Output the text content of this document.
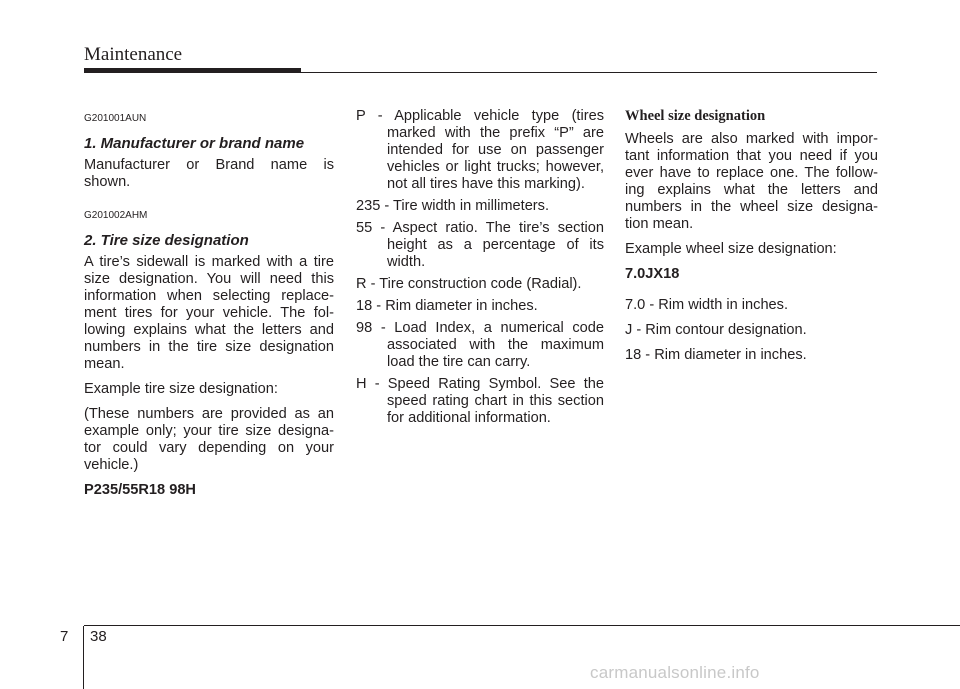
Maintenance
G201001AUN
1. Manufacturer or brand name

Manufacturer or Brand name is shown.

G201002AHM
2. Tire size designation

A tire’s sidewall is marked with a tire size designation. You will need this information when selecting replace- ment tires for your vehicle. The fol- lowing explains what the letters and numbers in the tire size designation mean.

Example tire size designation:

(These numbers are provided as an example only; your tire size designa- tor could vary depending on your vehicle.)

P235/55R18 98H

P - Applicable vehicle type (tires marked with the prefix “P” are intended for use on passenger vehicles or light trucks; however, not all tires have this marking).

235 - Tire width in millimeters.

55 - Aspect ratio. The tire’s section height as a percentage of its width.

R - Tire construction code (Radial).

18 - Rim diameter in inches.

98 - Load Index, a numerical code associated with the maximum load the tire can carry.

H - Speed Rating Symbol. See the speed rating chart in this section for additional information.

Wheel size designation

Wheels are also marked with impor- tant information that you need if you ever have to replace one. The follow- ing explains what the letters and numbers in the wheel size designa- tion mean.

Example wheel size designation:

7.0JX18

7.0 - Rim width in inches.

J - Rim contour designation.

18 - Rim diameter in inches.

7 38
carmanualsonline.info
